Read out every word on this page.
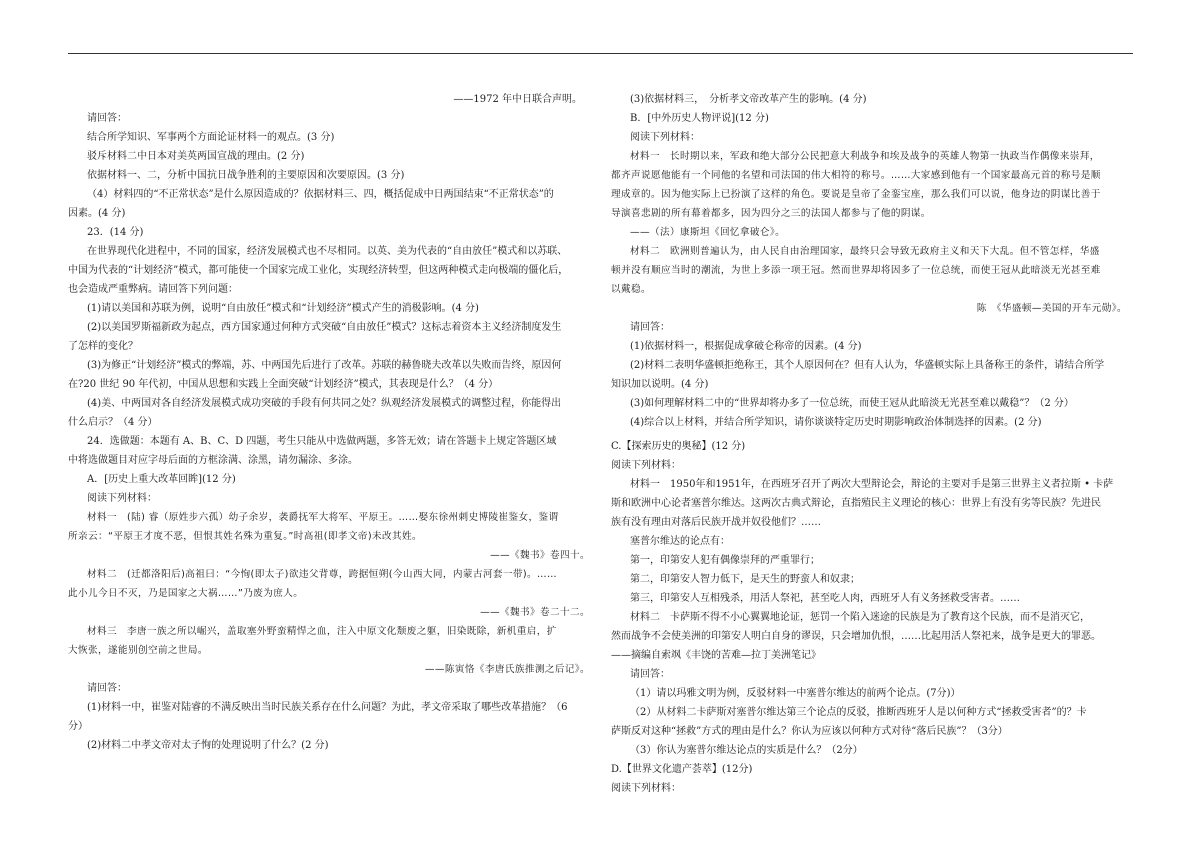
——1972 年中日联合声明。

请回答：

结合所学知识、军事两个方面论证材料一的观点。(3 分)

驳斥材料二中日本对美英两国宣战的理由。(2 分)

依据材料一、二，分析中国抗日战争胜利的主要原因和次要原因。(3 分)

（4）材料四的“不正常状态”是什么原因造成的？依据材料三、四，概括促成中日两国结束“不正常状态”的

因素。(4 分)

23．(14 分)

在世界现代化进程中，不同的国家，经济发展模式也不尽相同。以英、美为代表的“自由放任”模式和以苏联、

中国为代表的“计划经济”模式，都可能使一个国家完成工业化，实现经济转型，但这两种模式走向极端的僵化后，

也会造成严重弊病。请回答下列问题：

(1)请以美国和苏联为例，说明“自由放任”模式和“计划经济”模式产生的消极影响。(4 分)

(2)以美国罗斯福新政为起点，西方国家通过何种方式突破“自由放任”模式？这标志着资本主义经济制度发生

了怎样的变化？

(3)为修正“计划经济”模式的弊端，苏、中两国先后进行了改革。苏联的赫鲁晓夫改革以失败而告终，原因何

在?20 世纪 90 年代初，中国从思想和实践上全面突破“计划经济”模式，其表现是什么？（4 分）

(4)美、中两国对各自经济发展模式成功突破的手段有何共同之处？纵观经济发展模式的调整过程，你能得出

什么启示？（4 分）

24．选做题：本题有 A、B、C、D 四题，考生只能从中选做两题，多答无效；请在答题卡上规定答题区域

中将选做题目对应字母后面的方框涂满、涂黑，请勿漏涂、多涂。

A．[历史上重大改革回眸](12 分)

阅读下列材料：

材料一　(陆) 睿（原姓步六孤）幼子余岁，袭爵抚军大将军、平原王。……娶东徐州刺史博陵崔鉴女，鉴谓

所亲云：“平原王才度不恶，但恨其姓名殊为重复。”时高祖(即孝文帝)未改其姓。

——《魏书》卷四十。

材料二　(迁都洛阳后)高祖曰：“今恂(即太子)欲违父背尊，跨据恒朔(今山西大同，内蒙古河套一带)。……

此小儿今日不灭，乃是国家之大祸……”乃废为庶人。

——《魏书》卷二十二。

材料三　李唐一族之所以崛兴，盖取塞外野蛮精悍之血，注入中原文化颓废之躯，旧染既除，新机重启，扩

大恢张，遂能别创空前之世局。

——陈寅恪《李唐氏族推测之后记》。

请回答：

(1)材料一中，崔鉴对陆睿的不满反映出当时民族关系存在什么问题？为此，孝文帝采取了哪些改革措施？（6

分）

(2)材料二中孝文帝对太子恂的处理说明了什么？(2 分)

(3)依据材料三，　分析孝文帝改革产生的影响。(4 分)

B．[中外历史人物评说](12 分)

阅读下列材料：

材料一　长时期以来，军政和绝大部分公民把意大利战争和埃及战争的英雄人物第一执政当作偶像来崇拜，

都齐声说愿他能有一个同他的名望和司法国的伟大相符的称号。……大家感到他有一个国家最高元首的称号是顺

理成章的。因为他实际上已扮演了这样的角色。要说是皇帝了金銮宝座，那么我们可以说，他身边的阴谋比善于

导演喜悲剧的所有幕着都多，因为四分之三的法国人都参与了他的阴谋。

——（法）康斯坦《回忆拿破仑》。

材料二　欧洲则普遍认为，由人民自由治理国家，最终只会导致无政府主义和天下大乱。但不管怎样，华盛

顿并没有顺应当时的潮流，为世上多添一项王冠。然而世界却将因多了一位总统，而使王冠从此暗淡无光甚至难

以戴稳。

陈　《华盛顿—美国的开车元勋》。

请回答：

(1)依据材料一，根据促成拿破仑称帝的因素。(4 分)

(2)材料二表明华盛顿拒绝称王，其个人原因何在？但有人认为，华盛顿实际上具备称王的条件，请结合所学

知识加以说明。(4 分)

(3)如何理解材料二中的“世界却将办多了一位总统，而使王冠从此暗淡无光甚至难以戴稳”？（2 分）

(4)综合以上材料，并结合所学知识，请你谈谈特定历史时期影响政治体制选择的因素。(2 分)

C.【探索历史的奥秘】(12 分)

阅读下列材料：

材料一　1950年和1951年，在西班牙召开了两次大型辩论会，辩论的主要对手是第三世界主义者拉斯 • 卡萨

斯和欧洲中心论者塞普尔维达。这两次古典式辩论，直指殖民主义理论的核心：世界上有没有劣等民族？先进民

族有没有理由对落后民族开战并奴役他们？……

塞普尔维达的论点有：

第一，印第安人犯有偶像崇拜的严重罪行；

第二，印第安人智力低下，是天生的野蛮人和奴隶；

第三，印第安人互相残杀，用活人祭祀，甚至吃人肉，西班牙人有义务拯救受害者。……

材料二　卡萨斯不得不小心翼翼地论证，惩罚一个陷入迷途的民族是为了教育这个民族，而不是消灭它，

然而战争不会使美洲的印第安人明白自身的谬误，只会增加仇恨，……比起用活人祭祀来，战争是更大的罪恶。

——摘编自索飒《丰饶的苦难—拉丁美洲笔记》

请回答：

（1）请以玛雅文明为例，反驳材料一中塞普尔维达的前两个论点。(7分)）

（2）从材料二卡萨斯对塞普尔维达第三个论点的反驳，推断西班牙人是以何种方式“拯救受害者”的？卡

萨斯反对这种“拯救”方式的理由是什么？你认为应该以何种方式对待“落后民族”？（3分）

（3）你认为塞普尔维达论点的实质是什么？（2分）

D.【世界文化遗产荟萃】(12分)

阅读下列材料：
